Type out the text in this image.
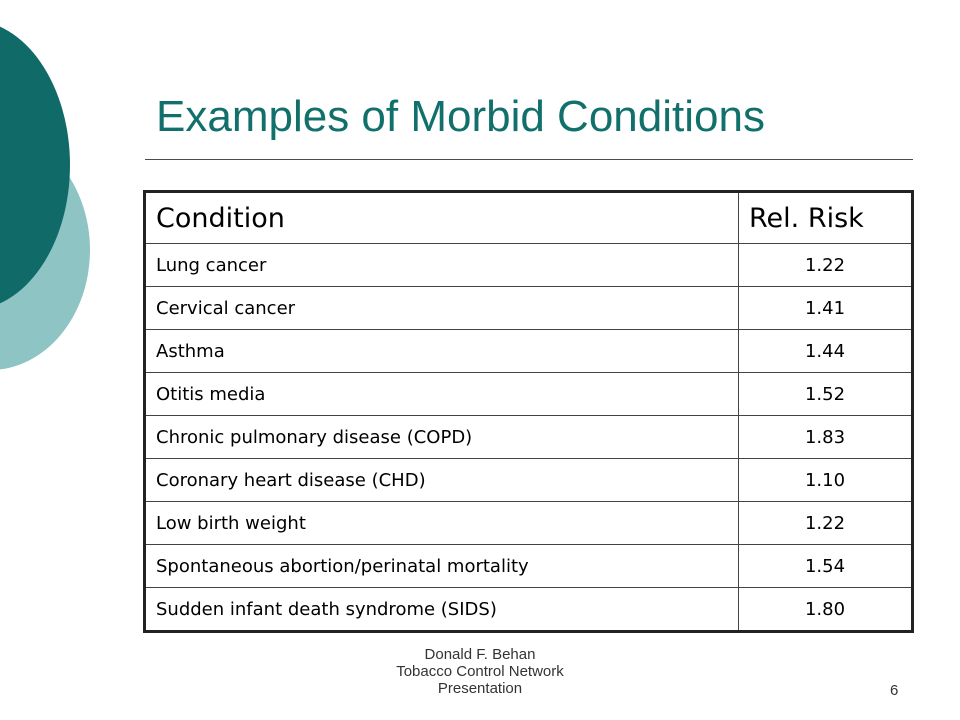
Examples of Morbid Conditions
Condition	Rel. Risk
Lung cancer	1.22
Cervical cancer	1.41
Asthma	1.44
Otitis media	1.52
Chronic pulmonary disease (COPD)	1.83
Coronary heart disease (CHD)	1.10
Low birth weight	1.22
Spontaneous abortion/perinatal mortality	1.54
Sudden infant death syndrome (SIDS)	1.80
Donald F. Behan
Tobacco Control Network
Presentation	6
